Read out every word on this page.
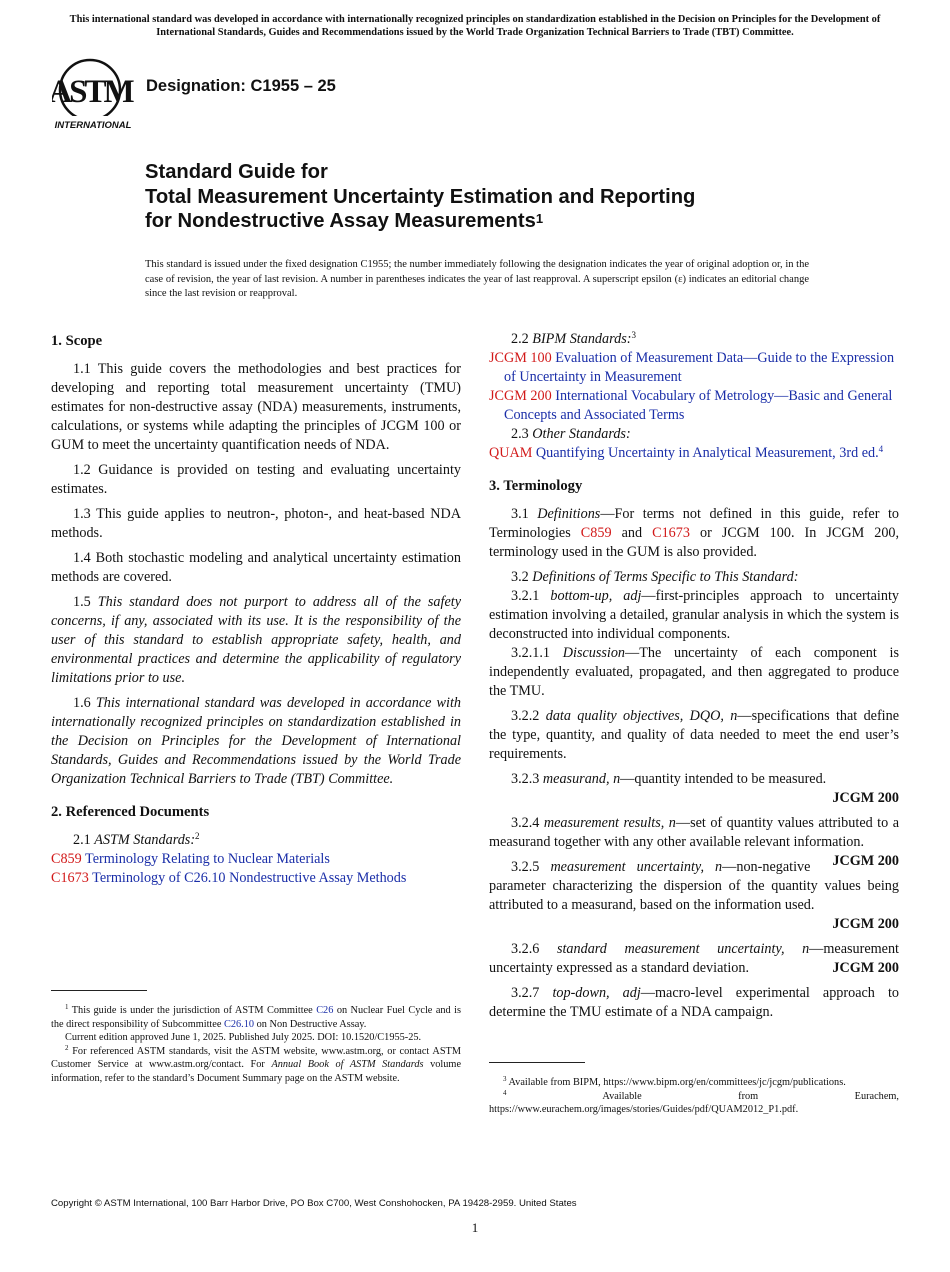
This international standard was developed in accordance with internationally recognized principles on standardization established in the Decision on Principles for the Development of International Standards, Guides and Recommendations issued by the World Trade Organization Technical Barriers to Trade (TBT) Committee.

ASTM
INTERNATIONAL

Designation: C1955 – 25

Standard Guide for
Total Measurement Uncertainty Estimation and Reporting
for Nondestructive Assay Measurements$^1$

This standard is issued under the fixed designation C1955; the number immediately following the designation indicates the year of original adoption or, in the case of revision, the year of last revision. A number in parentheses indicates the year of last reapproval. A superscript epsilon (ε) indicates an editorial change since the last revision or reapproval.

1. Scope

1.1 This guide covers the methodologies and best practices for developing and reporting total measurement uncertainty (TMU) estimates for non-destructive assay (NDA) measurements, instruments, calculations, or systems while adapting the principles of JCGM 100 or GUM to meet the uncertainty quantification needs of NDA.

1.2 Guidance is provided on testing and evaluating uncertainty estimates.

1.3 This guide applies to neutron-, photon-, and heat-based NDA methods.

1.4 Both stochastic modeling and analytical uncertainty estimation methods are covered.

1.5 This standard does not purport to address all of the safety concerns, if any, associated with its use. It is the responsibility of the user of this standard to establish appropriate safety, health, and environmental practices and determine the applicability of regulatory limitations prior to use.

1.6 This international standard was developed in accordance with internationally recognized principles on standardization established in the Decision on Principles for the Development of International Standards, Guides and Recommendations issued by the World Trade Organization Technical Barriers to Trade (TBT) Committee.

2. Referenced Documents

2.1 ASTM Standards:$^2$

C859 Terminology Relating to Nuclear Materials

C1673 Terminology of C26.10 Nondestructive Assay Methods

2.2 BIPM Standards:$^3$

JCGM 100 Evaluation of Measurement Data—Guide to the Expression of Uncertainty in Measurement

JCGM 200 International Vocabulary of Metrology—Basic and General Concepts and Associated Terms

2.3 Other Standards:

QUAM Quantifying Uncertainty in Analytical Measurement, 3rd ed.$^4$

3. Terminology

3.1 Definitions—For terms not defined in this guide, refer to Terminologies C859 and C1673 or JCGM 100. In JCGM 200, terminology used in the GUM is also provided.

3.2 Definitions of Terms Specific to This Standard:

3.2.1 bottom-up, adj—first-principles approach to uncertainty estimation involving a detailed, granular analysis in which the system is deconstructed into individual components.

3.2.1.1 Discussion—The uncertainty of each component is independently evaluated, propagated, and then aggregated to produce the TMU.

3.2.2 data quality objectives, DQO, n—specifications that define the type, quantity, and quality of data needed to meet the end user’s requirements.

3.2.3 measurand, n—quantity intended to be measured.
JCGM 200

3.2.4 measurement results, n—set of quantity values attributed to a measurand together with any other available relevant information.
JCGM 200

3.2.5 measurement uncertainty, n—non-negative parameter characterizing the dispersion of the quantity values being attributed to a measurand, based on the information used.
JCGM 200

3.2.6 standard measurement uncertainty, n—measurement uncertainty expressed as a standard deviation.	JCGM 200

3.2.7 top-down, adj—macro-level experimental approach to determine the TMU estimate of a NDA campaign.

$^1$ This guide is under the jurisdiction of ASTM Committee C26 on Nuclear Fuel Cycle and is the direct responsibility of Subcommittee C26.10 on Non Destructive Assay.

Current edition approved June 1, 2025. Published July 2025. DOI: 10.1520/C1955-25.

$^2$ For referenced ASTM standards, visit the ASTM website, www.astm.org, or contact ASTM Customer Service at www.astm.org/contact. For Annual Book of ASTM Standards volume information, refer to the standard’s Document Summary page on the ASTM website.	$^3$ Available from BIPM, https://www.bipm.org/en/committees/jc/jcgm/publications.

$^4$	Available from Eurachem, https://www.eurachem.org/images/stories/Guides/pdf/QUAM2012_P1.pdf.

Copyright © ASTM International, 100 Barr Harbor Drive, PO Box C700, West Conshohocken, PA 19428-2959. United States

1
